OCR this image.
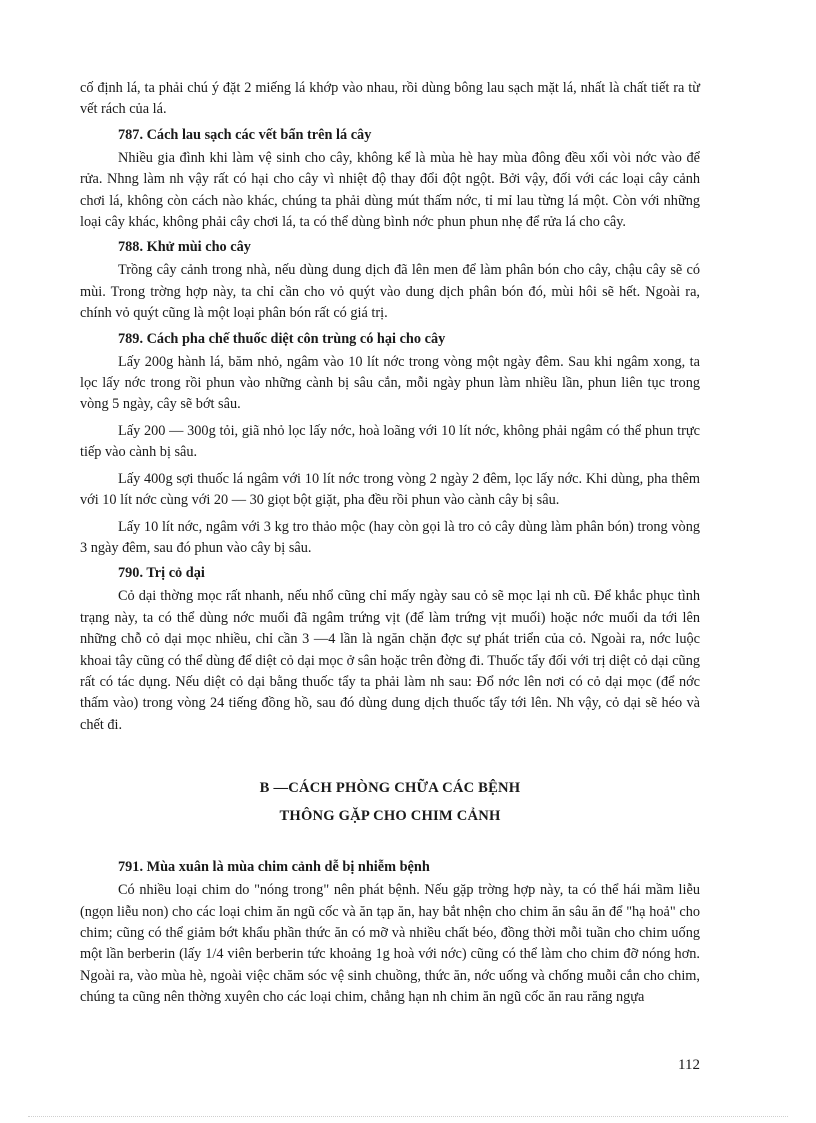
cố định lá, ta phải chú ý đặt 2 miếng lá khớp vào nhau, rồi dùng bông lau sạch mặt lá, nhất là chất tiết ra từ vết rách của lá.

787. Cách lau sạch các vết bẩn trên lá cây

Nhiều gia đình khi làm vệ sinh cho cây, không kể là mùa hè hay mùa đông đều xối vòi nớc vào để rửa. Nhng làm nh vậy rất có hại cho cây vì nhiệt độ thay đổi đột ngột. Bởi vậy, đối với các loại cây cảnh chơi lá, không còn cách nào khác, chúng ta phải dùng mút thấm nớc, tỉ mỉ lau từng lá một. Còn với những loại cây khác, không phải cây chơi lá, ta có thể dùng bình nớc phun phun nhẹ để rửa lá cho cây.

788. Khử mùi cho cây

Trồng cây cảnh trong nhà, nếu dùng dung dịch đã lên men để làm phân bón cho cây, chậu cây sẽ có mùi. Trong trờng hợp này, ta chỉ cần cho vỏ quýt vào dung dịch phân bón đó, mùi hôi sẽ hết. Ngoài ra, chính vỏ quýt cũng là một loại phân bón rất có giá trị.

789. Cách pha chế thuốc diệt côn trùng có hại cho cây

Lấy 200g hành lá, băm nhỏ, ngâm vào 10 lít nớc trong vòng một ngày đêm. Sau khi ngâm xong, ta lọc lấy nớc trong rồi phun vào những cành bị sâu cắn, mỗi ngày phun làm nhiều lần, phun liên tục trong vòng 5 ngày, cây sẽ bớt sâu.

Lấy 200 — 300g tỏi, giã nhỏ lọc lấy nớc, hoà loãng với 10 lít nớc, không phải ngâm có thể phun trực tiếp vào cành bị sâu.

Lấy 400g sợi thuốc lá ngâm với 10 lít nớc trong vòng 2 ngày 2 đêm, lọc lấy nớc. Khi dùng, pha thêm với 10 lít nớc cùng với 20 — 30 giọt bột giặt, pha đều rồi phun vào cành cây bị sâu.

Lấy 10 lít nớc, ngâm với 3 kg tro thảo mộc (hay còn gọi là tro cỏ cây dùng làm phân bón) trong vòng 3 ngày đêm, sau đó phun vào cây bị sâu.

790. Trị cỏ dại

Cỏ dại thờng mọc rất nhanh, nếu nhổ cũng chỉ mấy ngày sau cỏ sẽ mọc lại nh cũ. Để khắc phục tình trạng này, ta có thể dùng nớc muối đã ngâm trứng vịt (để làm trứng vịt muối) hoặc nớc muối da tới lên những chỗ cỏ dại mọc nhiều, chỉ cần 3 —4 lần là ngăn chặn đợc sự phát triển của cỏ. Ngoài ra, nớc luộc khoai tây cũng có thể dùng để diệt cỏ dại mọc ở sân hoặc trên đờng đi. Thuốc tẩy đối với trị diệt cỏ dại cũng rất có tác dụng. Nếu diệt cỏ dại bằng thuốc tẩy ta phải làm nh sau: Đổ nớc lên nơi có cỏ dại mọc (để nớc thấm vào) trong vòng 24 tiếng đồng hồ, sau đó dùng dung dịch thuốc tẩy tới lên. Nh vậy, cỏ dại sẽ héo và chết đi.

B —CÁCH PHÒNG CHỮA CÁC BỆNH
THÔNG GẶP CHO CHIM CẢNH
791. Mùa xuân là mùa chim cảnh dễ bị nhiễm bệnh

Có nhiều loại chim do "nóng trong" nên phát bệnh. Nếu gặp trờng hợp này, ta có thể hái mầm liễu (ngọn liễu non) cho các loại chim ăn ngũ cốc và ăn tạp ăn, hay bắt nhện cho chim ăn sâu ăn để "hạ hoả" cho chim; cũng có thể giảm bớt khẩu phần thức ăn có mỡ và nhiều chất béo, đồng thời mỗi tuần cho chim uống một lần berberin (lấy 1/4 viên berberin tức khoảng 1g hoà với nớc) cũng có thể làm cho chim đỡ nóng hơn. Ngoài ra, vào mùa hè, ngoài việc chăm sóc vệ sinh chuồng, thức ăn, nớc uống và chống muỗi cắn cho chim, chúng ta cũng nên thờng xuyên cho các loại chim, chẳng hạn nh chim ăn ngũ cốc ăn rau răng ngựa

112
